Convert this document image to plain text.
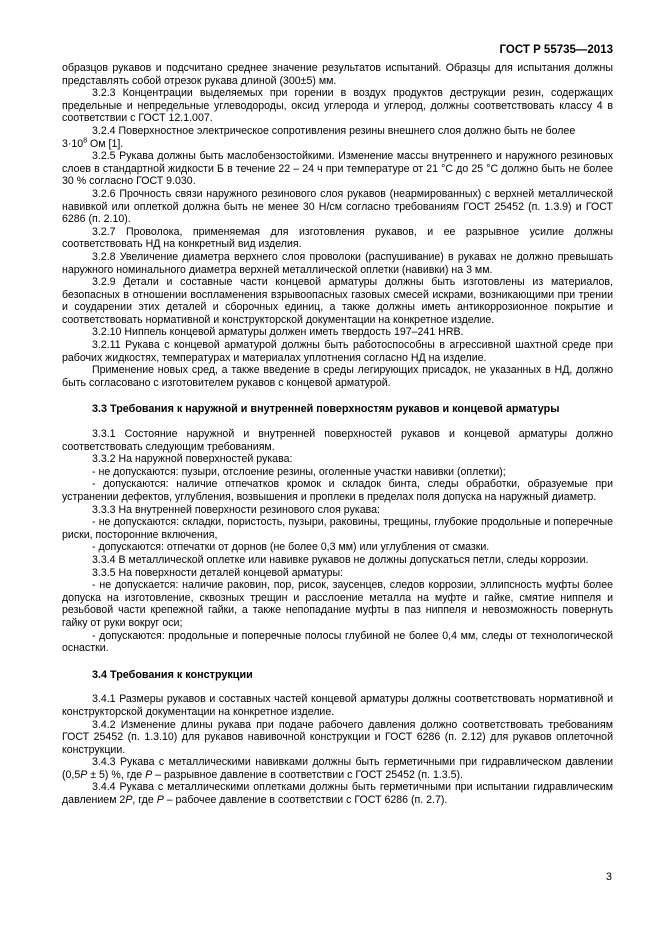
ГОСТ Р 55735—2013

образцов рукавов и подсчитано среднее значение результатов испытаний. Образцы для испытания должны представлять собой отрезок рукава длиной (300±5) мм.

3.2.3 Концентрации выделяемых при горении в воздух продуктов деструкции резин, содержащих предельные и непредельные углеводороды, оксид углерода и углерод, должны соответствовать классу 4 в соответствии с ГОСТ 12.1.007.

3.2.4 Поверхностное электрическое сопротивления резины внешнего слоя должно быть не более

$3\cdot 10^8$ Ом [1].

3.2.5 Рукава должны быть маслобензостойкими. Изменение массы внутреннего и наружного резиновых слоев в стандартной жидкости Б в течение 22 – 24 ч при температуре от 21 °С до 25 °С должно быть не более 30 % согласно ГОСТ 9.030.

3.2.6 Прочность связи наружного резинового слоя рукавов (неармированных) с верхней металлической навивкой или оплеткой должна быть не менее 30 Н/см согласно требованиям ГОСТ 25452 (п. 1.3.9) и ГОСТ 6286 (п. 2.10).

3.2.7 Проволока, применяемая для изготовления рукавов, и ее разрывное усилие должны соответствовать НД на конкретный вид изделия.

3.2.8 Увеличение диаметра верхнего слоя проволоки (распушивание) в рукавах не должно превышать наружного номинального диаметра верхней металлической оплетки (навивки) на 3 мм.

3.2.9 Детали и составные части концевой арматуры должны быть изготовлены из материалов, безопасных в отношении воспламенения взрывоопасных газовых смесей искрами, возникающими при трении и соударении этих деталей и сборочных единиц, а также должны иметь антикоррозионное покрытие и соответствовать нормативной и конструкторской документации на конкретное изделие.

3.2.10 Ниппель концевой арматуры должен иметь твердость 197–241 HRB.

3.2.11 Рукава с концевой арматурой должны быть работоспособны в агрессивной шахтной среде при рабочих жидкостях, температурах и материалах уплотнения согласно НД на изделие.

Применение новых сред, а также введение в среды легирующих присадок, не указанных в НД, должно быть согласовано с изготовителем рукавов с концевой арматурой.

3.3 Требования к наружной и внутренней поверхностям рукавов и концевой арматуры

3.3.1 Состояние наружной и внутренней поверхностей рукавов и концевой арматуры должно соответствовать следующим требованиям.

3.3.2 На наружной поверхностей рукава:

- не допускаются: пузыри, отслоение резины, оголенные участки навивки (оплетки);

- допускаются: наличие отпечатков кромок и складок бинта, следы обработки, образуемые при устранении дефектов, углубления, возвышения и проплеки в пределах поля допуска на наружный диаметр.

3.3.3 На внутренней поверхности резинового слоя рукава:

- не допускаются: складки, пористость, пузыри, раковины, трещины, глубокие продольные и поперечные риски, посторонние включения,

- допускаются: отпечатки от дорнов (не более 0,3 мм) или углубления от смазки.

3.3.4 В металлической оплетке или навивке рукавов не должны допускаться петли, следы коррозии.

3.3.5 На поверхности деталей концевой арматуры:

- не допускается: наличие раковин, пор, рисок, заусенцев, следов коррозии, эллипсность муфты более допуска на изготовление, сквозных трещин и расслоение металла на муфте и гайке, смятие ниппеля и резьбовой части крепежной гайки, а также непопадание муфты в паз ниппеля и невозможность повернуть гайку от руки вокруг оси;

- допускаются: продольные и поперечные полосы глубиной не более 0,4 мм, следы от технологической оснастки.

3.4 Требования к конструкции

3.4.1 Размеры рукавов и составных частей концевой арматуры должны соответствовать нормативной и конструкторской документации на конкретное изделие.

3.4.2 Изменение длины рукава при подаче рабочего давления должно соответствовать требованиям ГОСТ 25452 (п. 1.3.10) для рукавов навивочной конструкции и ГОСТ 6286 (п. 2.12) для рукавов оплеточной конструкции.

3.4.3 Рукава с металлическими навивками должны быть герметичными при гидравлическом давлении (0,5P ± 5) %, где P – разрывное давление в соответствии с ГОСТ 25452 (п. 1.3.5).

3.4.4 Рукава с металлическими оплетками должны быть герметичными при испытании гидравлическим давлением 2P, где P – рабочее давление в соответствии с ГОСТ 6286 (п. 2.7).

3
